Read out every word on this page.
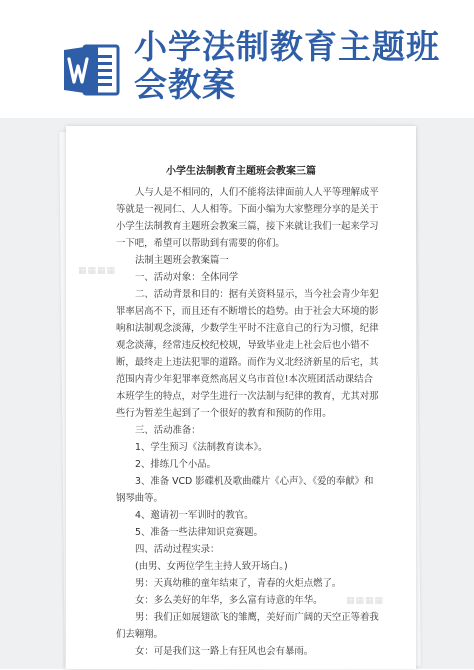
小学法制教育主题班会教案
▦▦▦▦
▦▦▦▦
小学生法制教育主题班会教案三篇

人与人是不相同的，人们不能将法律面前人人平等理解成平等就是一视同仁、人人相等。下面小编为大家整理分享的是关于小学生法制教育主题班会教案三篇，接下来就让我们一起来学习一下吧，希望可以帮助到有需要的你们。

法制主题班会教案篇一

一、活动对象：全体同学

二、活动背景和目的：据有关资料显示，当今社会青少年犯罪率居高不下，而且还有不断增长的趋势。由于社会大环境的影响和法制观念淡薄，少数学生平时不注意自己的行为习惯，纪律观念淡薄，经常违反校纪校规，导致毕业走上社会后也小错不断，最终走上违法犯罪的道路。而作为义北经济新星的后宅，其范围内青少年犯罪率竟然高居义乌市首位!本次班团活动课结合本班学生的特点，对学生进行一次法制与纪律的教育，尤其对那些行为暂差生起到了一个很好的教育和预防的作用。

三、活动准备：

1、学生预习《法制教育读本》。

2、排练几个小品。

3、准备 VCD 影碟机及歌曲碟片《心声》、《爱的奉献》和钢琴曲等。

4、邀请初一军训时的教官。

5、准备一些法律知识竞赛题。

四、活动过程实录：

(由男、女两位学生主持人致开场白。)

男：天真幼稚的童年结束了，青春的火炬点燃了。

女：多么美好的年华，多么富有诗意的年华。

男：我们正如展翅欲飞的雏鹰，美好而广阔的天空正等着我们去翱翔。

女：可是我们这一路上有狂风也会有暴雨。
